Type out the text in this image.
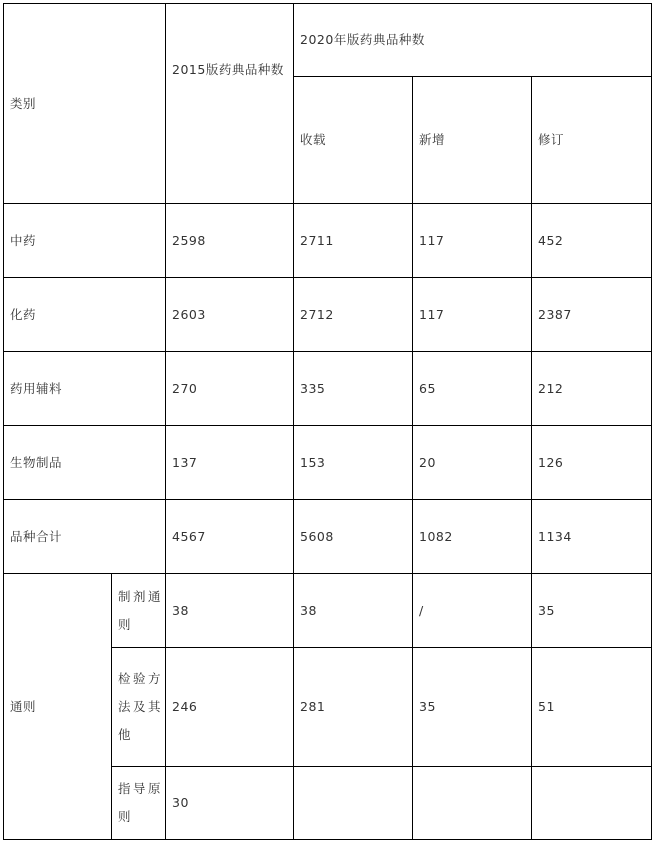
类别		2015版药典品种数	2020年版药典品种数		
			收载	新增	修订
中药		2598	2711	117	452
化药		2603	2712	117	2387
药用辅料		270	335	65	212
生物制品		137	153	20	126
品种合计		4567	5608	1082	1134
通则	制剂通则	38	38	/	35
	检验方法及其他	246	281	35	51
	指导原则	30			
